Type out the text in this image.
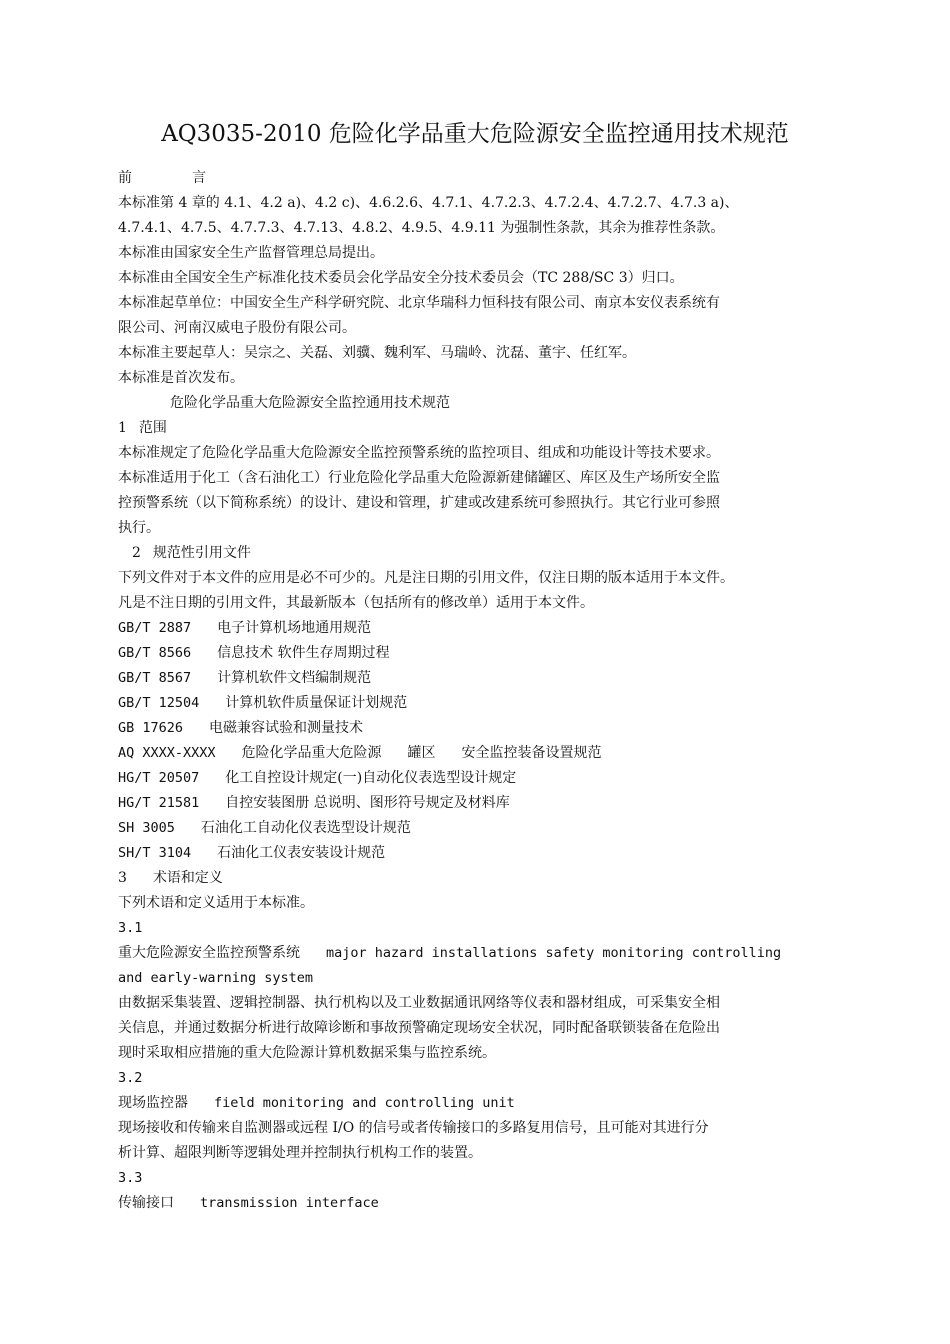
AQ3035-2010 危险化学品重大危险源安全监控通用技术规范
前	言
本标准第 4 章的 4.1、4.2 a)、4.2 c)、4.6.2.6、4.7.1、4.7.2.3、4.7.2.4、4.7.2.7、4.7.3 a)、
4.7.4.1、4.7.5、4.7.7.3、4.7.13、4.8.2、4.9.5、4.9.11 为强制性条款，其余为推荐性条款。
本标准由国家安全生产监督管理总局提出。
本标准由全国安全生产标准化技术委员会化学品安全分技术委员会（TC 288/SC 3）归口。
本标准起草单位：中国安全生产科学研究院、北京华瑞科力恒科技有限公司、南京本安仪表系统有
限公司、河南汉威电子股份有限公司。
本标准主要起草人：吴宗之、关磊、刘骥、魏利军、马瑞岭、沈磊、董宇、任红军。
本标准是首次发布。
危险化学品重大危险源安全监控通用技术规范
1 范围
本标准规定了危险化学品重大危险源安全监控预警系统的监控项目、组成和功能设计等技术要求。
本标准适用于化工（含石油化工）行业危险化学品重大危险源新建储罐区、库区及生产场所安全监
控预警系统（以下简称系统）的设计、建设和管理，扩建或改建系统可参照执行。其它行业可参照
执行。
2 规范性引用文件
下列文件对于本文件的应用是必不可少的。凡是注日期的引用文件，仅注日期的版本适用于本文件。
凡是不注日期的引用文件，其最新版本（包括所有的修改单）适用于本文件。
GB/T 2887 电子计算机场地通用规范
GB/T 8566 信息技术 软件生存周期过程
GB/T 8567 计算机软件文档编制规范
GB/T 12504 计算机软件质量保证计划规范
GB 17626 电磁兼容试验和测量技术
AQ XXXX-XXXX 危险化学品重大危险源 罐区 安全监控装备设置规范
HG/T 20507 化工自控设计规定(一)自动化仪表选型设计规定
HG/T 21581 自控安装图册 总说明、图形符号规定及材料库
SH 3005 石油化工自动化仪表选型设计规范
SH/T 3104 石油化工仪表安装设计规范
3 术语和定义
下列术语和定义适用于本标准。
3.1
重大危险源安全监控预警系统 major hazard installations safety monitoring controlling
and early-warning system
由数据采集装置、逻辑控制器、执行机构以及工业数据通讯网络等仪表和器材组成，可采集安全相
关信息，并通过数据分析进行故障诊断和事故预警确定现场安全状况，同时配备联锁装备在危险出
现时采取相应措施的重大危险源计算机数据采集与监控系统。
3.2
现场监控器 field monitoring and controlling unit
现场接收和传输来自监测器或远程 I/O 的信号或者传输接口的多路复用信号，且可能对其进行分
析计算、超限判断等逻辑处理并控制执行机构工作的装置。
3.3
传输接口 transmission interface
